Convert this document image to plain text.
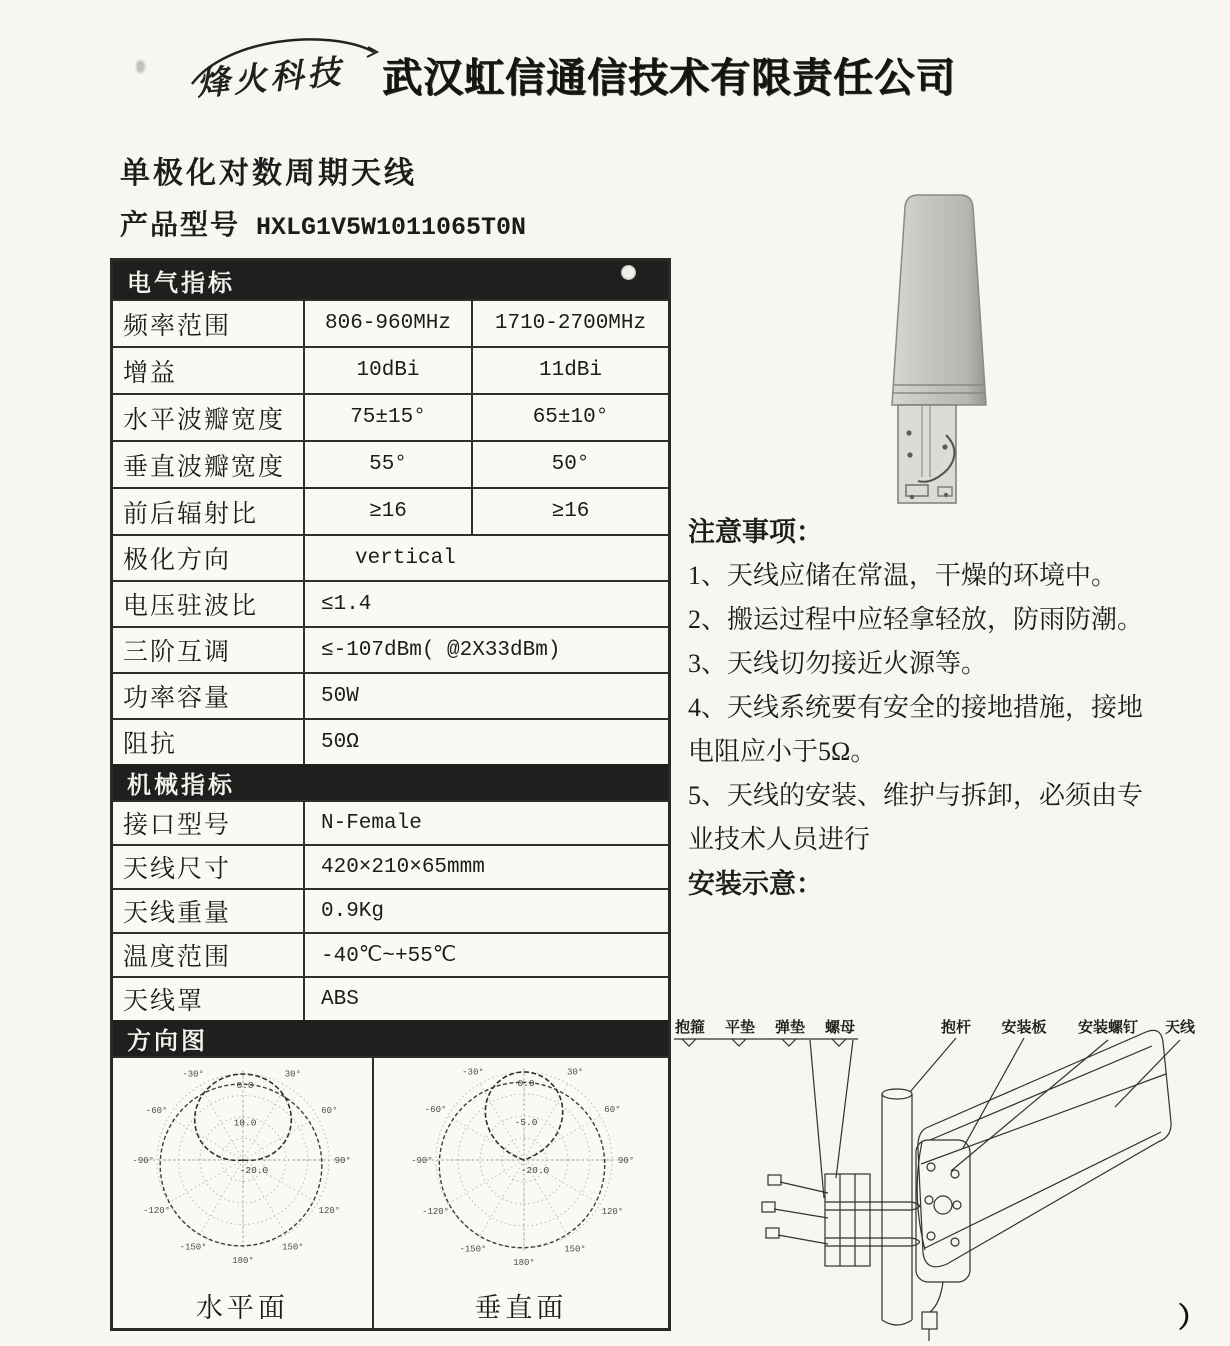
烽火科技 武汉虹信通信技术有限责任公司
单极化对数周期天线
产品型号 HXLG1V5W1011065T0N
电气指标
频率范围	806-960MHz	1710-2700MHz
增益	10dBi	11dBi
水平波瓣宽度	75±15°	65±10°
垂直波瓣宽度	55°	50°
前后辐射比	≥16	≥16
极化方向	vertical
电压驻波比	≤1.4
三阶互调	≤-107dBm( @2X33dBm)
功率容量	50W
阻抗	50Ω
机械指标
接口型号	N-Female
天线尺寸	420×210×65mmm
天线重量	0.9Kg
温度范围	-40℃~+55℃
天线罩	ABS
方向图
-30°	30°
-60°	60°
-90°	90°
-120°	120°
-150°	150°
180°
0.0
10.0
-20.0
水平面
-30°	30°
-60°	60°
-90°	90°
-120°	120°
-150°	150°
180°
0.0
-5.0
-20.0
垂直面

注意事项：

1、天线应储在常温，干燥的环境中。

2、搬运过程中应轻拿轻放，防雨防潮。

3、天线切勿接近火源等。

4、天线系统要有安全的接地措施，接地电阻应小于5Ω。

5、天线的安装、维护与拆卸，必须由专业技术人员进行

安装示意：

抱箍 平垫 弹垫 螺母	抱杆 安装板 安装螺钉 天线
）
